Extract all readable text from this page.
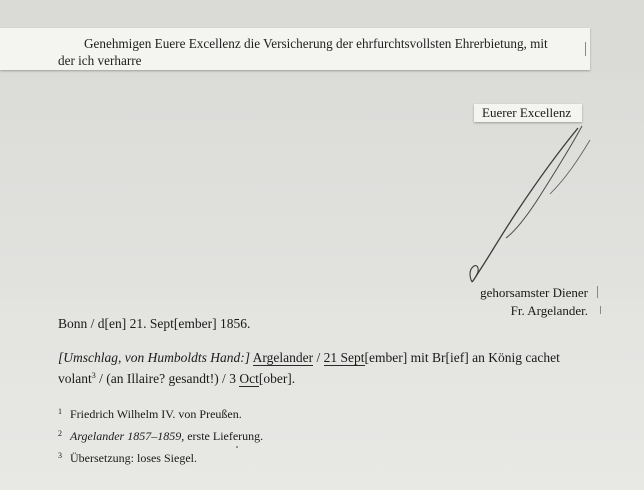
Genehmigen Euere Excellenz die Versicherung der ehrfurchtsvollsten Ehrerbietung, mit
der ich verharre
Euerer Excellenz
gehorsamster Diener
Fr. Argelander.
Bonn / d[en] 21. Sept[ember] 1856.
[Umschlag, von Humboldts Hand:] Argelander / 21 Sept[ember] mit Br[ief] an König cachet
volant$^3$ / (an Illaire? gesandt!) / 3 Oct[ober].
1 Friedrich Wilhelm IV. von Preußen.
2 Argelander 1857–1859, erste Lieferung.
3 Übersetzung: loses Siegel.
